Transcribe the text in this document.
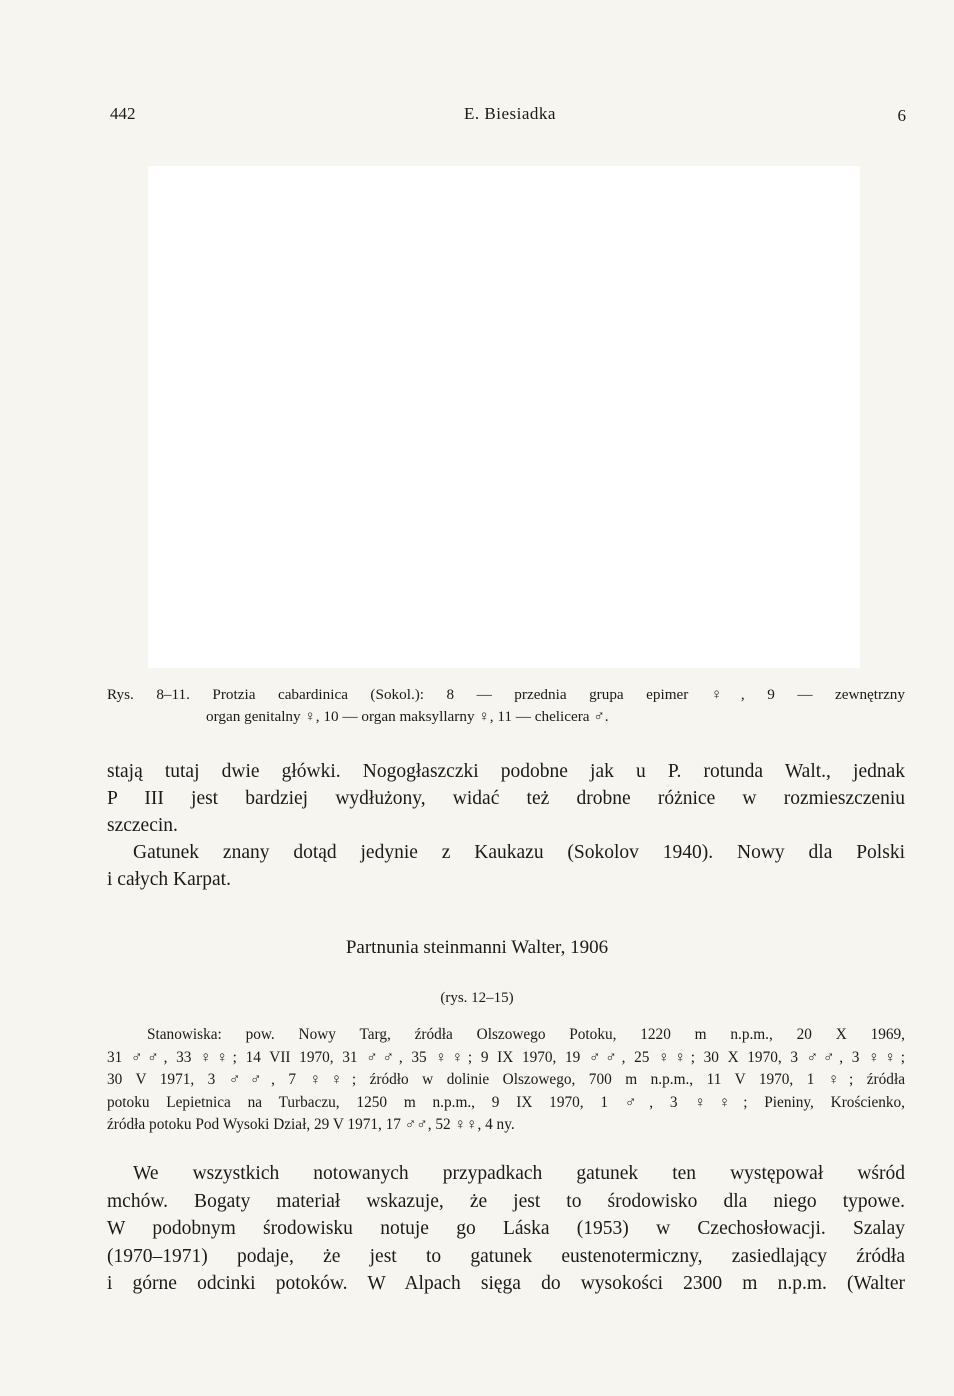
442	E. Biesiadka	6
Rys. 8–11. Protzia cabardinica (Sokol.): 8 — przednia grupa epimer ♀, 9 — zewnętrzny
organ genitalny ♀, 10 — organ maksyllarny ♀, 11 — chelicera ♂.
stają tutaj dwie główki. Nogogłaszczki podobne jak u P. rotunda Walt., jednak
P III jest bardziej wydłużony, widać też drobne różnice w rozmieszczeniu
szczecin.
Gatunek znany dotąd jedynie z Kaukazu (Sokolov 1940). Nowy dla Polski
i całych Karpat.
Partnunia steinmanni Walter, 1906
(rys. 12–15)
Stanowiska: pow. Nowy Targ, źródła Olszowego Potoku, 1220 m n.p.m., 20 X 1969,
31 ♂♂, 33 ♀♀; 14 VII 1970, 31 ♂♂, 35 ♀♀; 9 IX 1970, 19 ♂♂, 25 ♀♀; 30 X 1970, 3 ♂♂, 3 ♀♀;
30 V 1971, 3 ♂♂, 7 ♀♀; źródło w dolinie Olszowego, 700 m n.p.m., 11 V 1970, 1 ♀; źródła
potoku Lepietnica na Turbaczu, 1250 m n.p.m., 9 IX 1970, 1 ♂, 3 ♀♀; Pieniny, Krościenko,
źródła potoku Pod Wysoki Dział, 29 V 1971, 17 ♂♂, 52 ♀♀, 4 ny.
We wszystkich notowanych przypadkach gatunek ten występował wśród
mchów. Bogaty materiał wskazuje, że jest to środowisko dla niego typowe.
W podobnym środowisku notuje go Láska (1953) w Czechosłowacji. Szalay
(1970–1971) podaje, że jest to gatunek eustenotermiczny, zasiedlający źródła
i górne odcinki potoków. W Alpach sięga do wysokości 2300 m n.p.m. (Walter
